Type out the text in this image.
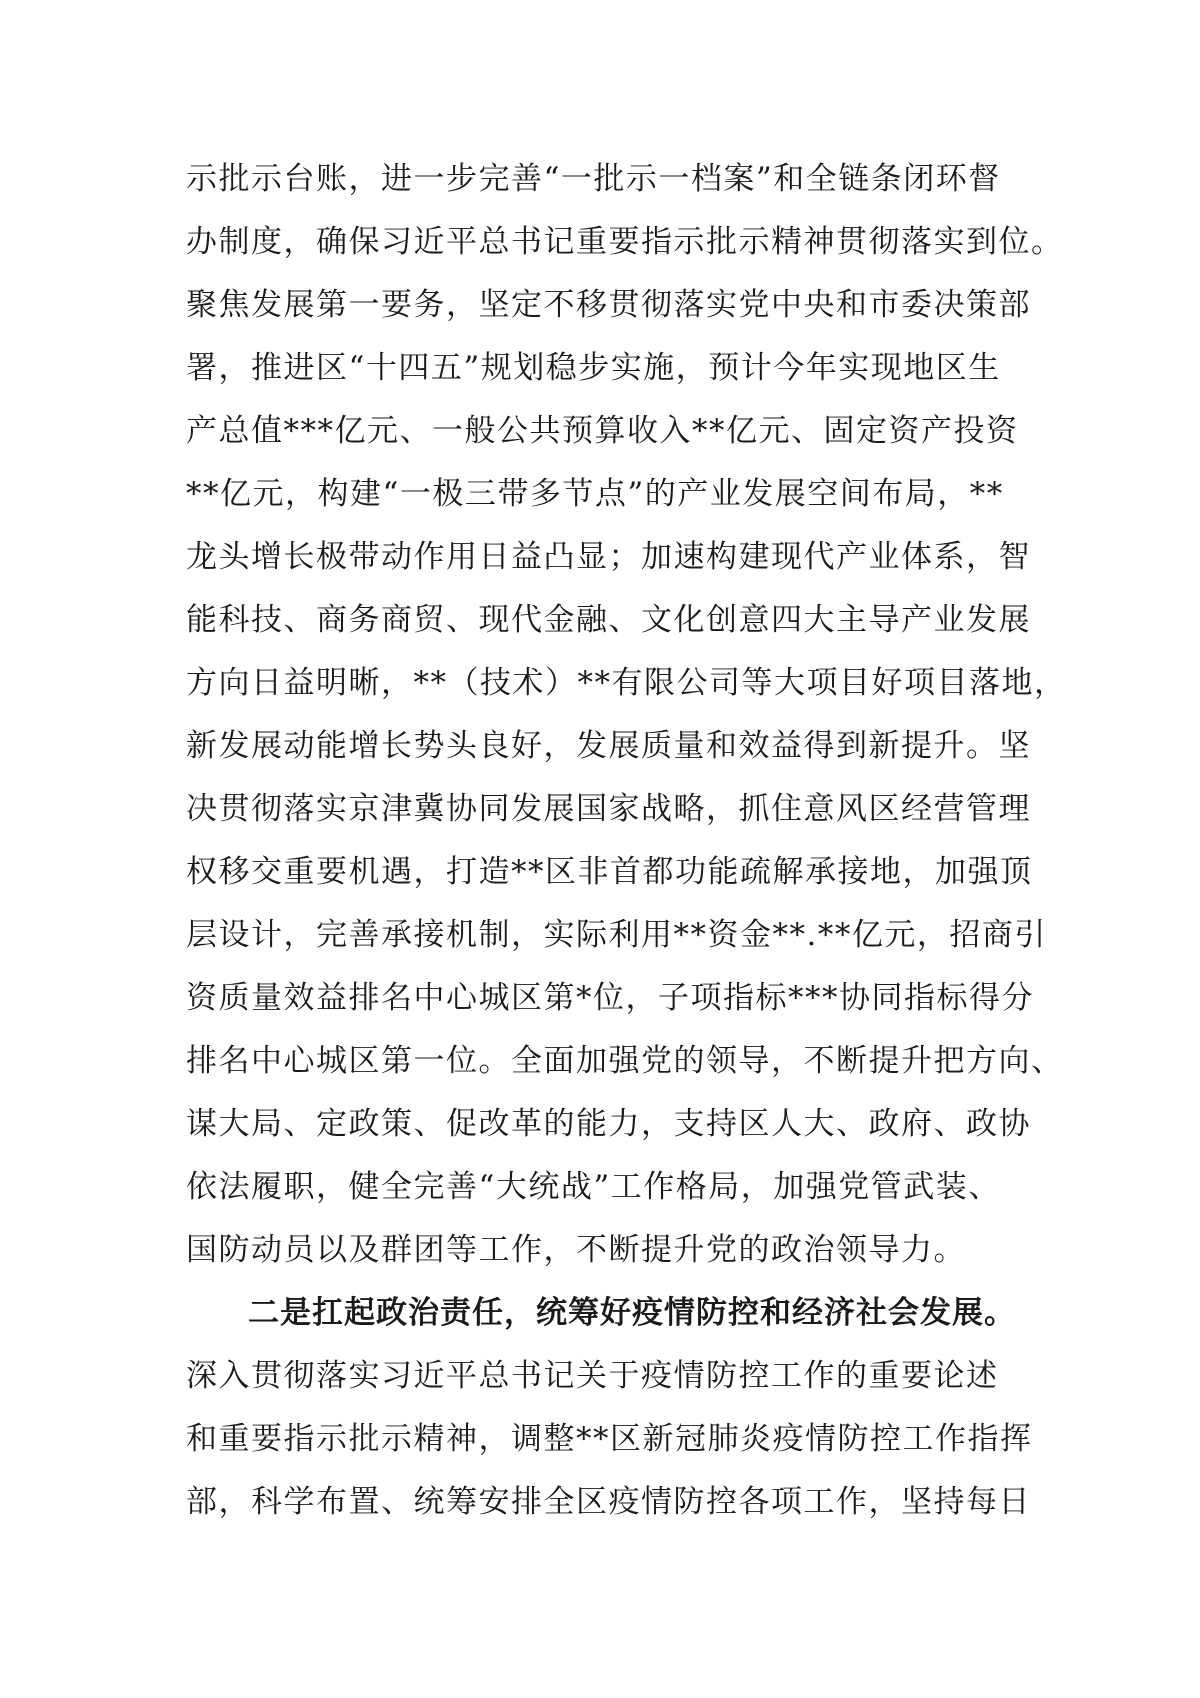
示批示台账，进一步完善“一批示一档案”和全链条闭环督
办制度，确保习近平总书记重要指示批示精神贯彻落实到位。
聚焦发展第一要务，坚定不移贯彻落实党中央和市委决策部
署，推进区“十四五”规划稳步实施，预计今年实现地区生
产总值***亿元、一般公共预算收入**亿元、固定资产投资
**亿元，构建“一极三带多节点”的产业发展空间布局，**
龙头增长极带动作用日益凸显；加速构建现代产业体系，智
能科技、商务商贸、现代金融、文化创意四大主导产业发展
方向日益明晰，**（技术）**有限公司等大项目好项目落地，
新发展动能增长势头良好，发展质量和效益得到新提升。坚
决贯彻落实京津冀协同发展国家战略，抓住意风区经营管理
权移交重要机遇，打造**区非首都功能疏解承接地，加强顶
层设计，完善承接机制，实际利用**资金**.**亿元，招商引
资质量效益排名中心城区第*位，子项指标***协同指标得分
排名中心城区第一位。全面加强党的领导，不断提升把方向、
谋大局、定政策、促改革的能力，支持区人大、政府、政协
依法履职，健全完善“大统战”工作格局，加强党管武装、
国防动员以及群团等工作，不断提升党的政治领导力。
二是扛起政治责任，统筹好疫情防控和经济社会发展。
深入贯彻落实习近平总书记关于疫情防控工作的重要论述
和重要指示批示精神，调整**区新冠肺炎疫情防控工作指挥
部，科学布置、统筹安排全区疫情防控各项工作，坚持每日
